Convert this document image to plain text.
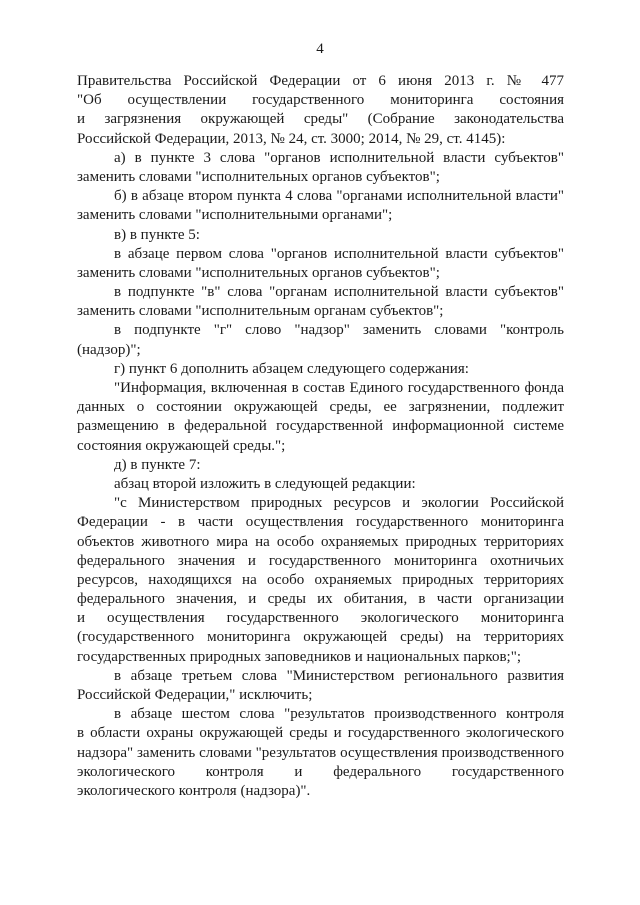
4
Правительства Российской Федерации от 6 июня 2013 г. № 477
"Об осуществлении государственного мониторинга состояния
и загрязнения окружающей среды" (Собрание законодательства
Российской Федерации, 2013, № 24, ст. 3000; 2014, № 29, ст. 4145):
а) в пункте 3 слова "органов исполнительной власти субъектов"
заменить словами "исполнительных органов субъектов";
б) в абзаце втором пункта 4 слова "органами исполнительной власти"
заменить словами "исполнительными органами";
в) в пункте 5:
в абзаце первом слова "органов исполнительной власти субъектов"
заменить словами "исполнительных органов субъектов";
в подпункте "в" слова "органам исполнительной власти субъектов"
заменить словами "исполнительным органам субъектов";
в подпункте "г" слово "надзор" заменить словами "контроль
(надзор)";
г) пункт 6 дополнить абзацем следующего содержания:
"Информация, включенная в состав Единого государственного фонда
данных о состоянии окружающей среды, ее загрязнении, подлежит
размещению в федеральной государственной информационной системе
состояния окружающей среды.";
д) в пункте 7:
абзац второй изложить в следующей редакции:
"с Министерством природных ресурсов и экологии Российской
Федерации - в части осуществления государственного мониторинга
объектов животного мира на особо охраняемых природных территориях
федерального значения и государственного мониторинга охотничьих
ресурсов, находящихся на особо охраняемых природных территориях
федерального значения, и среды их обитания, в части организации
и осуществления государственного экологического мониторинга
(государственного мониторинга окружающей среды) на территориях
государственных природных заповедников и национальных парков;";
в абзаце третьем слова "Министерством регионального развития
Российской Федерации," исключить;
в абзаце шестом слова "результатов производственного контроля
в области охраны окружающей среды и государственного экологического
надзора" заменить словами "результатов осуществления производственного
экологического контроля и федерального государственного
экологического контроля (надзора)".
